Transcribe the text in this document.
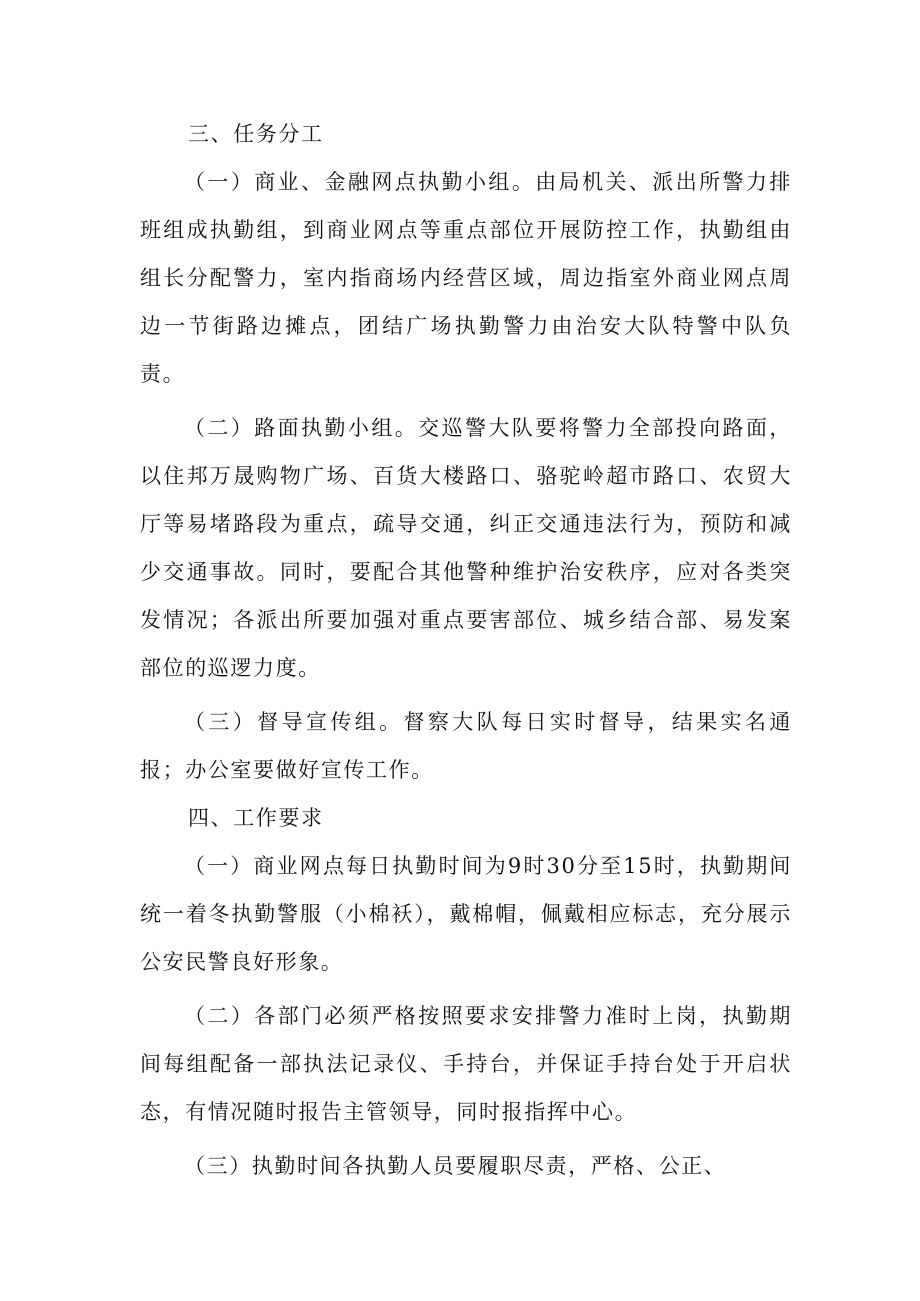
三、任务分工

（一）商业、金融网点执勤小组。由局机关、派出所警力排班组成执勤组，到商业网点等重点部位开展防控工作，执勤组由组长分配警力，室内指商场内经营区域，周边指室外商业网点周边一节街路边摊点，团结广场执勤警力由治安大队特警中队负责。

（二）路面执勤小组。交巡警大队要将警力全部投向路面，以住邦万晟购物广场、百货大楼路口、骆驼岭超市路口、农贸大厅等易堵路段为重点，疏导交通，纠正交通违法行为，预防和减少交通事故。同时，要配合其他警种维护治安秩序，应对各类突发情况；各派出所要加强对重点要害部位、城乡结合部、易发案部位的巡逻力度。

（三）督导宣传组。督察大队每日实时督导，结果实名通报；办公室要做好宣传工作。

四、工作要求

（一）商业网点每日执勤时间为9时30分至15时，执勤期间统一着冬执勤警服（小棉袄），戴棉帽，佩戴相应标志，充分展示公安民警良好形象。

（二）各部门必须严格按照要求安排警力准时上岗，执勤期间每组配备一部执法记录仪、手持台，并保证手持台处于开启状态，有情况随时报告主管领导，同时报指挥中心。

（三）执勤时间各执勤人员要履职尽责，严格、公正、
